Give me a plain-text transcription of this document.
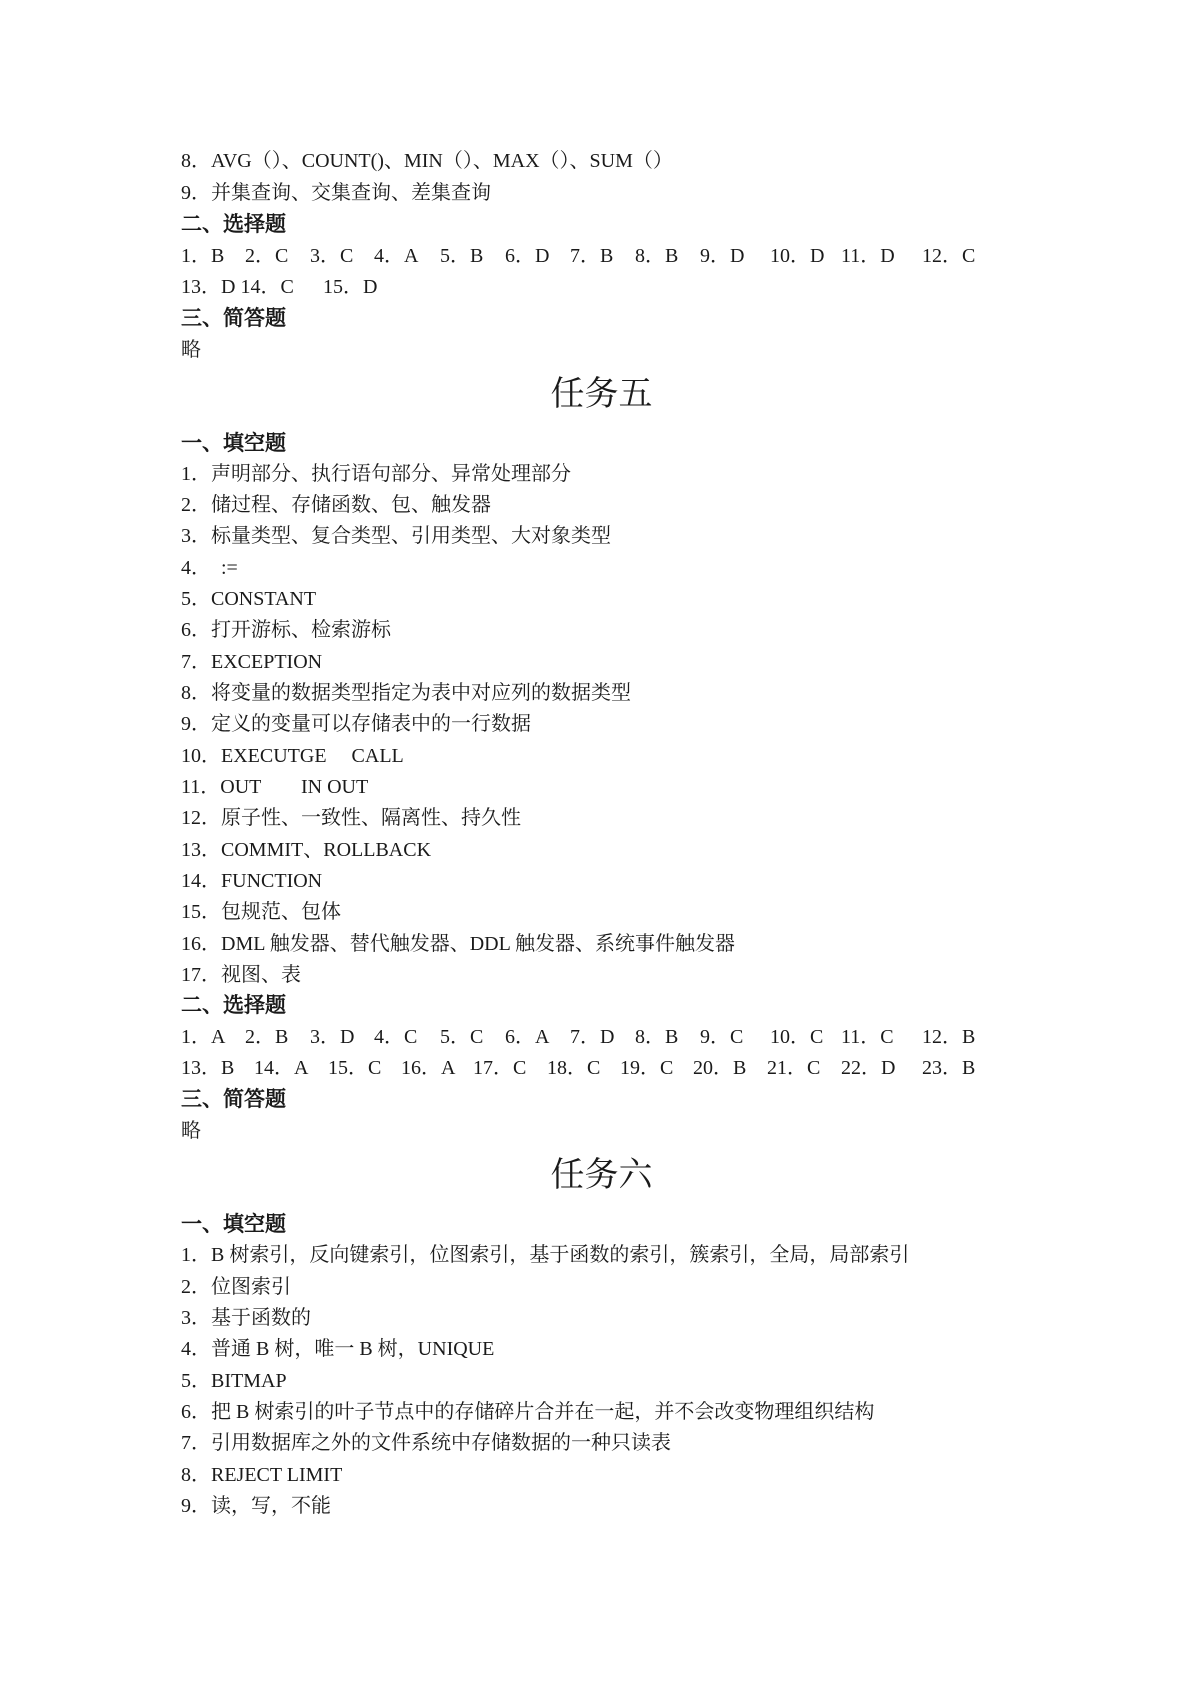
8．AVG（）、COUNT()、MIN（）、MAX（）、SUM（）
9．并集查询、交集查询、差集查询
二、选择题
1．B 2．C 3．C 4．A 5．B 6．D 7．B 8．B 9．D 10．D 11．D 12．C
13．D 14．C 15．D
三、简答题
略
任务五
一、填空题
1．声明部分、执行语句部分、异常处理部分
2．储过程、存储函数、包、触发器
3．标量类型、复合类型、引用类型、大对象类型
4．  :=
5．CONSTANT
6．打开游标、检索游标
7．EXCEPTION
8．将变量的数据类型指定为表中对应列的数据类型
9．定义的变量可以存储表中的一行数据
10．EXECUTGE     CALL
11．OUT        IN OUT
12．原子性、一致性、隔离性、持久性
13．COMMIT、ROLLBACK
14．FUNCTION
15．包规范、包体
16．DML 触发器、替代触发器、DDL 触发器、系统事件触发器
17．视图、表
二、选择题
1．A 2．B 3．D 4．C 5．C 6．A 7．D 8．B 9．C 10．C 11．C 12．B
13．B 14．A 15．C 16．A 17．C 18．C 19．C 20．B 21．C 22．D 23．B
三、简答题
略
任务六
一、填空题
1．B 树索引，反向键索引，位图索引，基于函数的索引，簇索引，全局，局部索引
2．位图索引
3．基于函数的
4．普通 B 树，唯一 B 树，UNIQUE
5．BITMAP
6．把 B 树索引的叶子节点中的存储碎片合并在一起，并不会改变物理组织结构
7．引用数据库之外的文件系统中存储数据的一种只读表
8．REJECT LIMIT
9．读，写，不能
